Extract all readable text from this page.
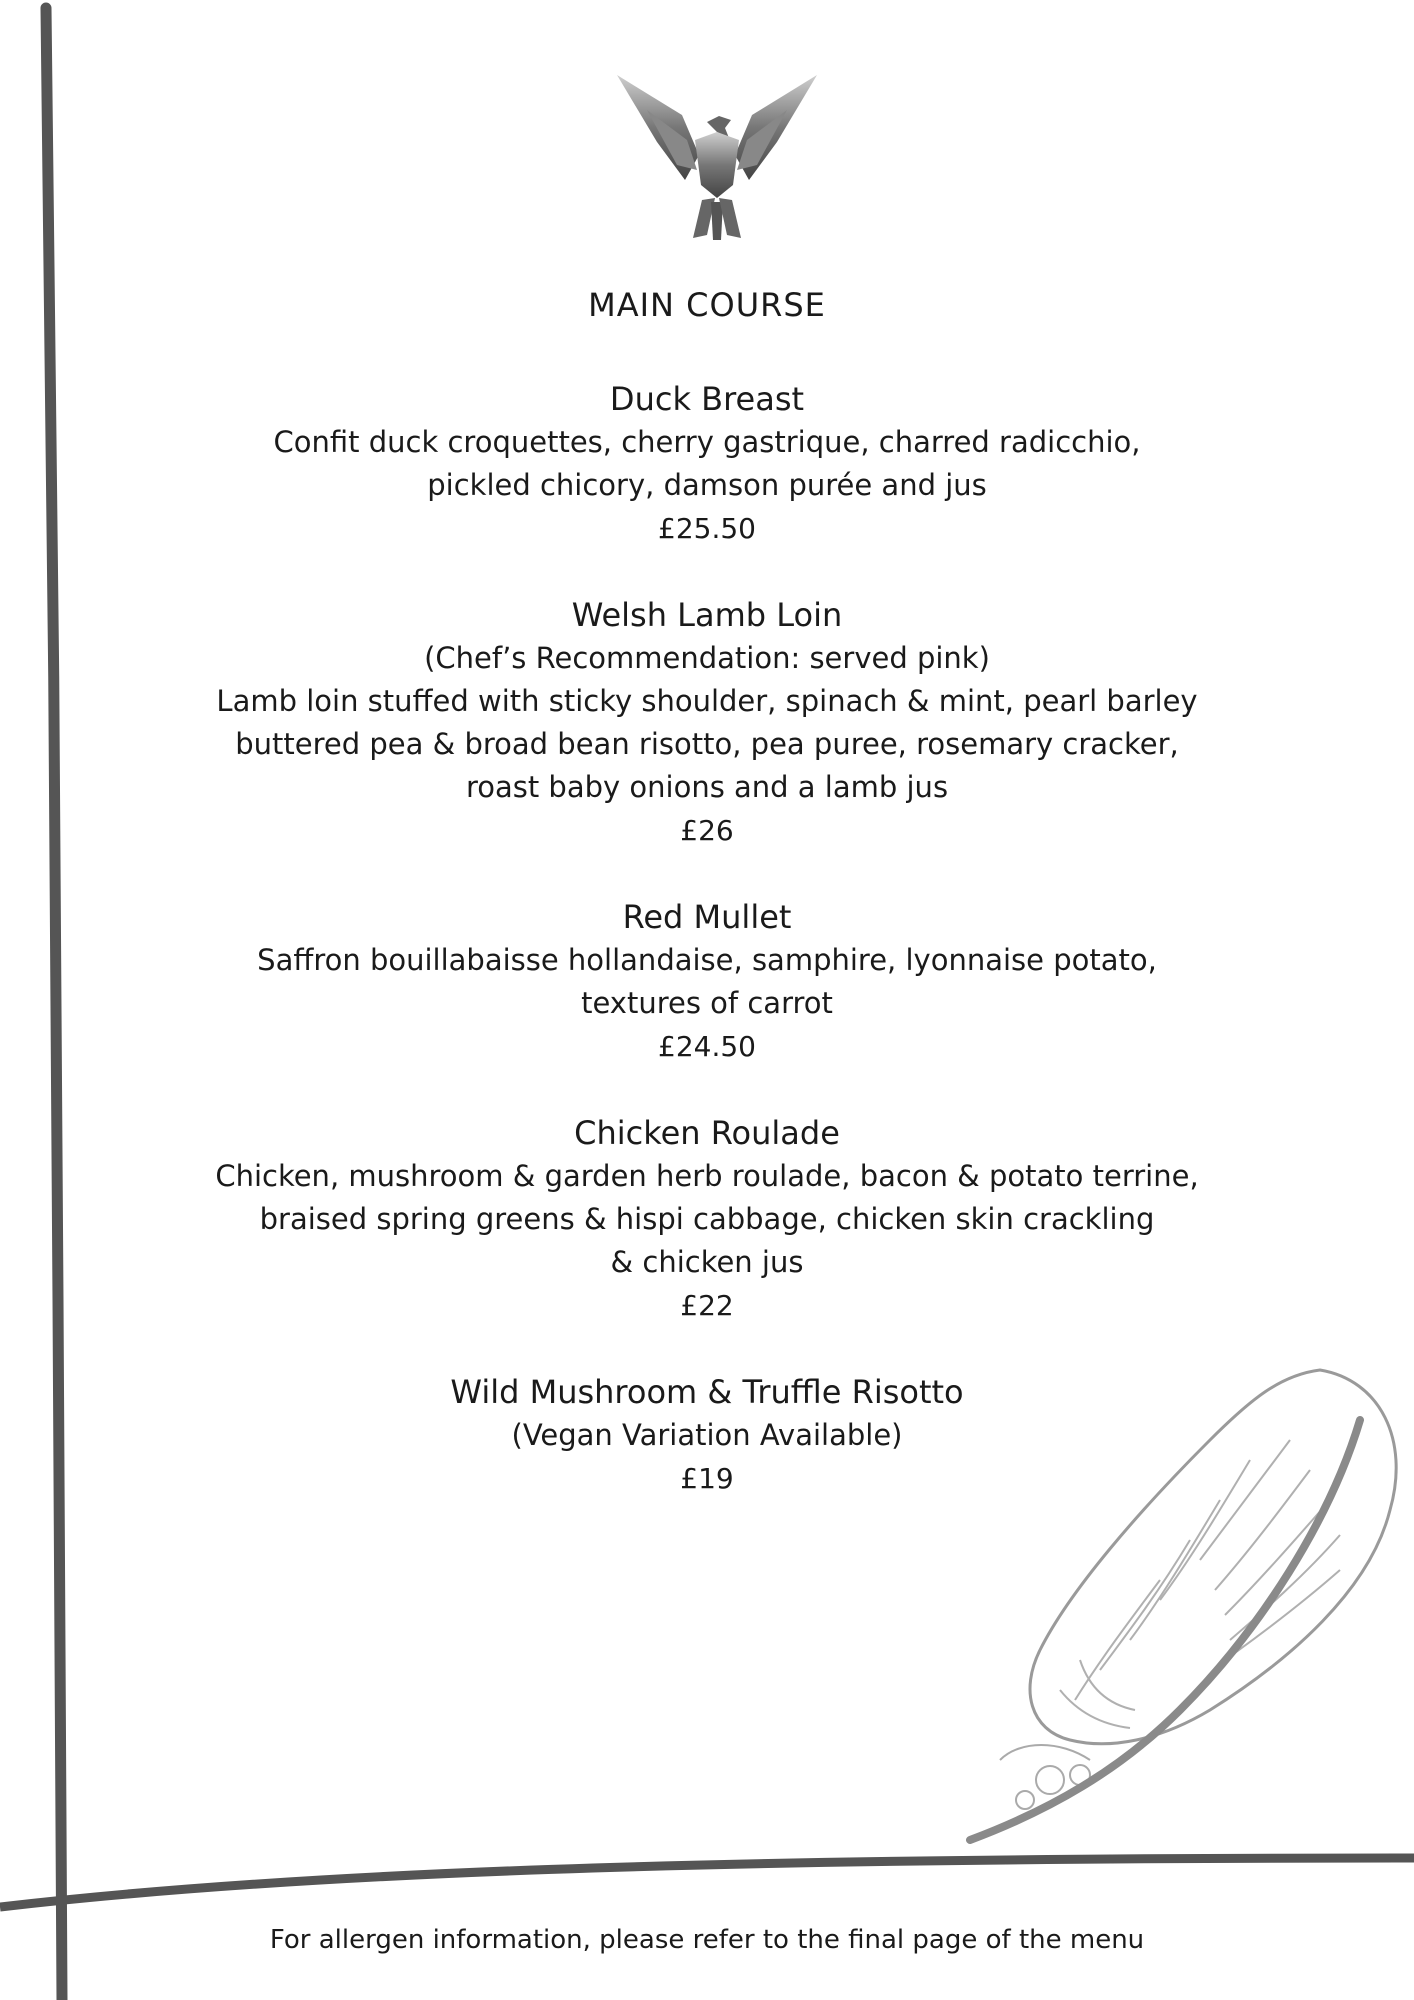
MAIN COURSE

Duck Breast

Confit duck croquettes, cherry gastrique, charred radicchio,

pickled chicory, damson purée and jus

£25.50

Welsh Lamb Loin

(Chef’s Recommendation: served pink)

Lamb loin stuffed with sticky shoulder, spinach & mint, pearl barley

buttered pea & broad bean risotto, pea puree, rosemary cracker,

roast baby onions and a lamb jus

£26

Red Mullet

Saffron bouillabaisse hollandaise, samphire, lyonnaise potato,

textures of carrot

£24.50

Chicken Roulade

Chicken, mushroom & garden herb roulade, bacon & potato terrine,

braised spring greens & hispi cabbage, chicken skin crackling

& chicken jus

£22

Wild Mushroom & Truffle Risotto

(Vegan Variation Available)

£19

For allergen information, please refer to the final page of the menu
